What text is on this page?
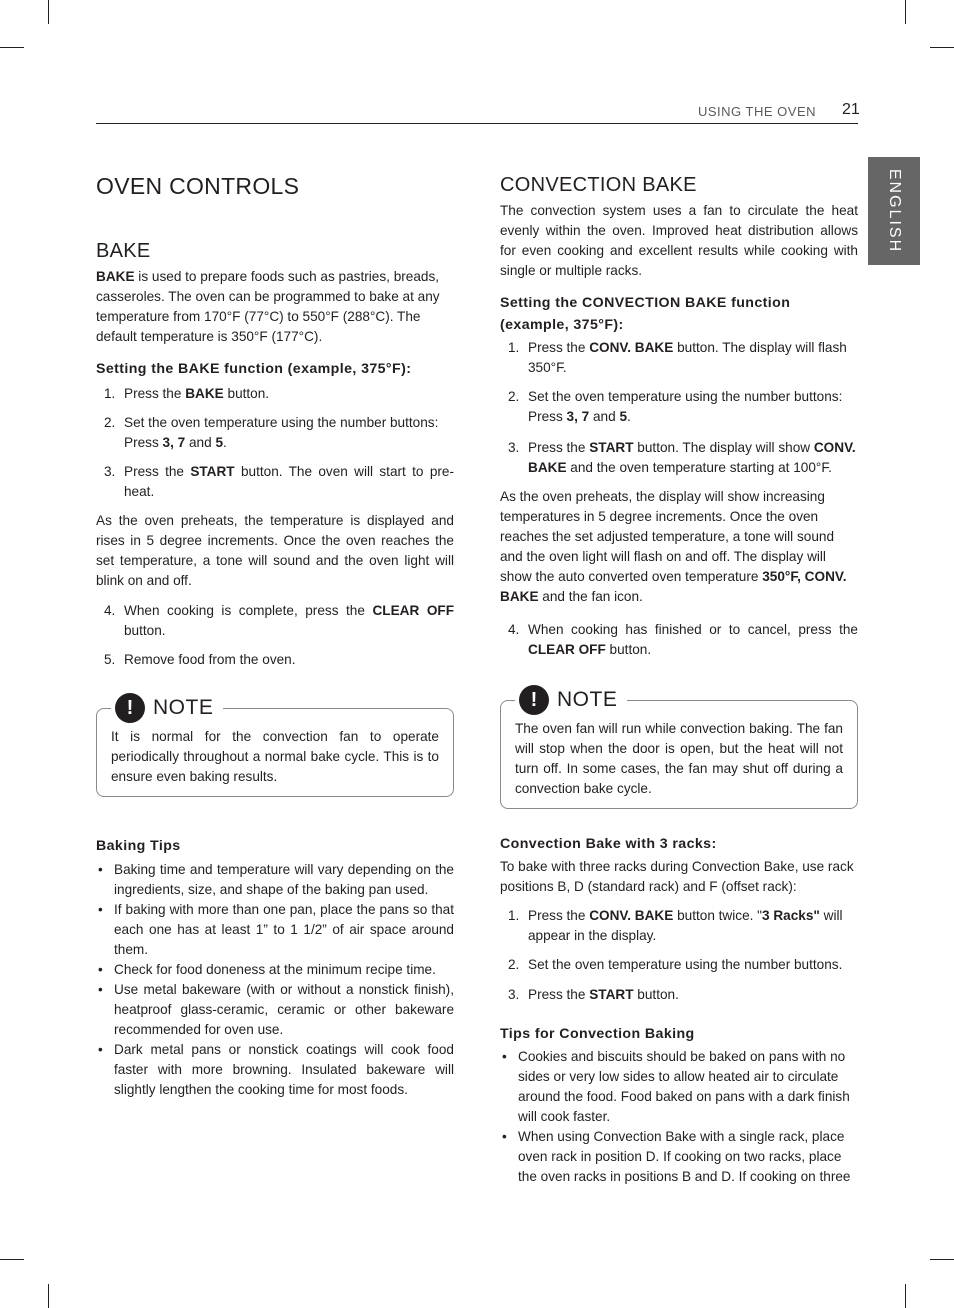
USING THE OVEN 21
ENGLISH
OVEN CONTROLS
BAKE

BAKE is used to prepare foods such as pastries, breads, casseroles. The oven can be programmed to bake at any temperature from 170°F (77°C) to 550°F (288°C). The default temperature is 350°F (177°C).

Setting the BAKE function (example, 375°F):
1. Press the BAKE button.
2. Set the oven temperature using the number buttons: Press 3, 7 and 5.
3. Press the START button. The oven will start to pre-heat.

As the oven preheats, the temperature is displayed and rises in 5 degree increments. Once the oven reaches the set temperature, a tone will sound and the oven light will blink on and off.

4. When cooking is complete, press the CLEAR OFF button.
5. Remove food from the oven.
! NOTE

It is normal for the convection fan to operate periodically throughout a normal bake cycle. This is to ensure even baking results.

Baking Tips
• Baking time and temperature will vary depending on the ingredients, size, and shape of the baking pan used.
• If baking with more than one pan, place the pans so that each one has at least 1” to 1 1/2” of air space around them.
• Check for food doneness at the minimum recipe time.
• Use metal bakeware (with or without a nonstick finish), heatproof glass-ceramic, ceramic or other bakeware recommended for oven use.
• Dark metal pans or nonstick coatings will cook food faster with more browning. Insulated bakeware will slightly lengthen the cooking time for most foods.
CONVECTION BAKE

The convection system uses a fan to circulate the heat evenly within the oven. Improved heat distribution allows for even cooking and excellent results while cooking with single or multiple racks.

Setting the CONVECTION BAKE function (example, 375°F):
1. Press the CONV. BAKE button. The display will flash 350°F.
2. Set the oven temperature using the number buttons: Press 3, 7 and 5.
3. Press the START button. The display will show CONV. BAKE and the oven temperature starting at 100°F.

As the oven preheats, the display will show increasing temperatures in 5 degree increments. Once the oven reaches the set adjusted temperature, a tone will sound and the oven light will flash on and off. The display will show the auto converted oven temperature 350°F, CONV. BAKE and the fan icon.

4. When cooking has finished or to cancel, press the CLEAR OFF button.
! NOTE

The oven fan will run while convection baking. The fan will stop when the door is open, but the heat will not turn off. In some cases, the fan may shut off during a convection bake cycle.

Convection Bake with 3 racks:

To bake with three racks during Convection Bake, use rack positions B, D (standard rack) and F (offset rack):

1. Press the CONV. BAKE button twice. "3 Racks" will appear in the display.
2. Set the oven temperature using the number buttons.
3. Press the START button.
Tips for Convection Baking
• Cookies and biscuits should be baked on pans with no sides or very low sides to allow heated air to circulate around the food. Food baked on pans with a dark finish will cook faster.
• When using Convection Bake with a single rack, place oven rack in position D. If cooking on two racks, place the oven racks in positions B and D. If cooking on three
